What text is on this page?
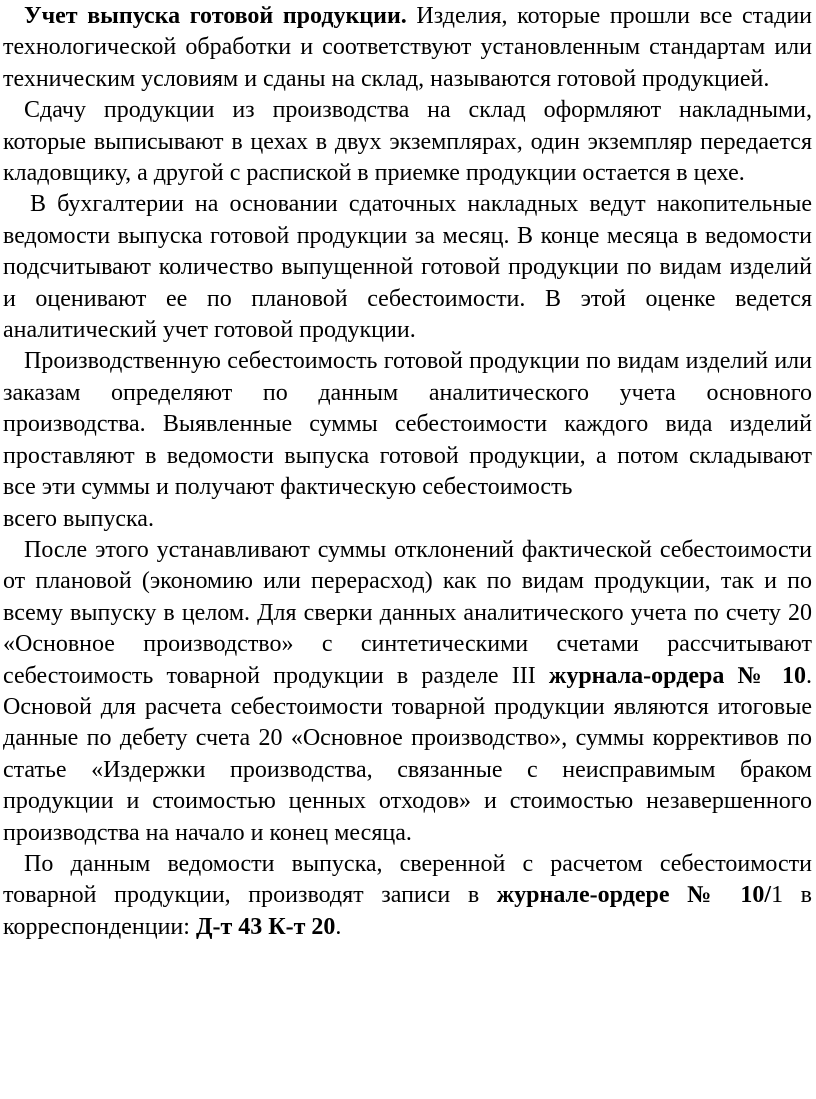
Учет выпуска готовой продукции. Изделия, которые прошли все стадии технологической обработки и соответствуют установленным стандартам или техническим условиям и сданы на склад, называются готовой продукцией.

Сдачу продукции из производства на склад оформляют накладными, которые выписывают в цехах в двух экземплярах, один экземпляр передается кладовщику, а другой с распиской в приемке продукции остается в цехе.

В бухгалтерии на основании сдаточных накладных ведут накопительные ведомости выпуска готовой продукции за месяц. В конце месяца в ведомости подсчитывают количество выпущенной готовой продукции по видам изделий и оценивают ее по плановой себестоимости. В этой оценке ведется аналитический учет готовой продукции.

Производственную себестоимость готовой продукции по видам изделий или заказам определяют по данным аналитического учета основного производства. Выявленные суммы себестоимости каждого вида изделий проставляют в ведомости выпуска готовой продукции, а потом складывают все эти суммы и получают фактическую себестоимость

всего выпуска.

После этого устанавливают суммы отклонений фактической себестоимости от плановой (экономию или перерасход) как по видам продукции, так и по всему выпуску в целом. Для сверки данных аналитического учета по счету 20 «Основное производство» с синтетическими счетами рассчитывают себестоимость товарной продукции в разделе III журнала-ордера № 10. Основой для расчета себестоимости товарной продукции являются итоговые данные по дебету счета 20 «Основное производство», суммы коррективов по статье «Издержки производства, связанные с неисправимым браком продукции и стоимостью ценных отходов» и стоимостью незавершенного производства на начало и конец месяца.

По данным ведомости выпуска, сверенной с расчетом себестоимости товарной продукции, производят записи в журнале-ордере № 10/1 в корреспонденции: Д-т 43 К-т 20.
